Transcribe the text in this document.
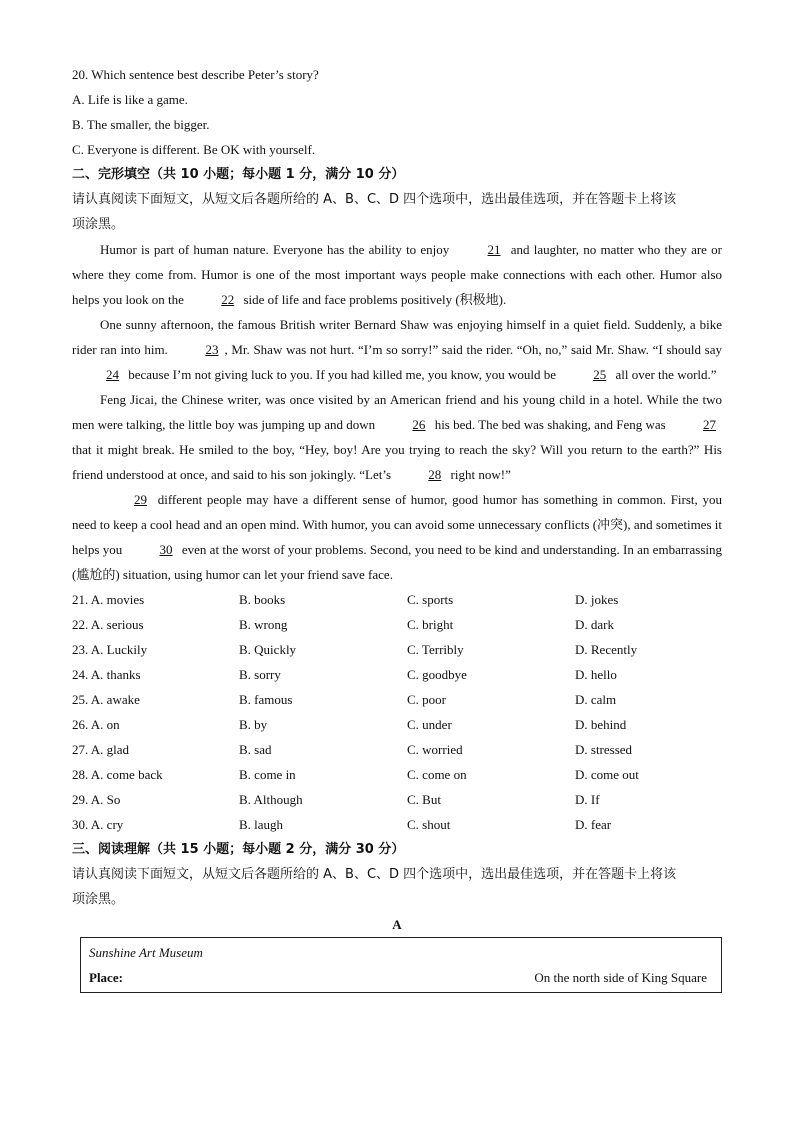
20. Which sentence best describe Peter’s story?
A. Life is like a game.
B. The smaller, the bigger.
C. Everyone is different. Be OK with yourself.
二、完形填空（共 10 小题；每小题 1 分，满分 10 分）
请认真阅读下面短文，从短文后各题所给的 A、B、C、D 四个选项中，选出最佳选项，并在答题卡上将该
项涂黑。
Humor is part of human nature. Everyone has the ability to enjoy	21 and laughter, no matter who they are or where they come from. Humor is one of the most important ways people make connections with each other. Humor also helps you look on the	22 side of life and face problems positively (积极地).
One sunny afternoon, the famous British writer Bernard Shaw was enjoying himself in a quiet field. Suddenly, a bike rider ran into him.	23 , Mr. Shaw was not hurt. “I’m so sorry!” said the rider. “Oh, no,” said Mr. Shaw. “I should say 24 because I’m not giving luck to you. If you had killed me, you know, you would be	25 all over the world.”
Feng Jicai, the Chinese writer, was once visited by an American friend and his young child in a hotel. While the two men were talking, the little boy was jumping up and down	26 his bed. The bed was shaking, and Feng was	27 that it might break. He smiled to the boy, “Hey, boy! Are you trying to reach the sky? Will you return to the earth?” His friend understood at once, and said to his son jokingly. “Let’s	28 right now!”
29 different people may have a different sense of humor, good humor has something in common. First, you need to keep a cool head and an open mind. With humor, you can avoid some unnecessary conflicts (冲突), and sometimes it helps you	30 even at the worst of your problems. Second, you need to be kind and understanding. In an embarrassing (尴尬的) situation, using humor can let your friend save face.
21. A. movies	B. books	C. sports	D. jokes
22. A. serious	B. wrong	C. bright	D. dark
23. A. Luckily	B. Quickly	C. Terribly	D. Recently
24. A. thanks	B. sorry	C. goodbye	D. hello
25. A. awake	B. famous	C. poor	D. calm
26. A. on	B. by	C. under	D. behind
27. A. glad	B. sad	C. worried	D. stressed
28. A. come back	B. come in	C. come on	D. come out
29. A. So	B. Although	C. But	D. If
30. A. cry	B. laugh	C. shout	D. fear
三、阅读理解（共 15 小题；每小题 2 分，满分 30 分）
请认真阅读下面短文，从短文后各题所给的 A、B、C、D 四个选项中，选出最佳选项，并在答题卡上将该
项涂黑。
A
Sunshine Art Museum
Place:	On the north side of King Square
